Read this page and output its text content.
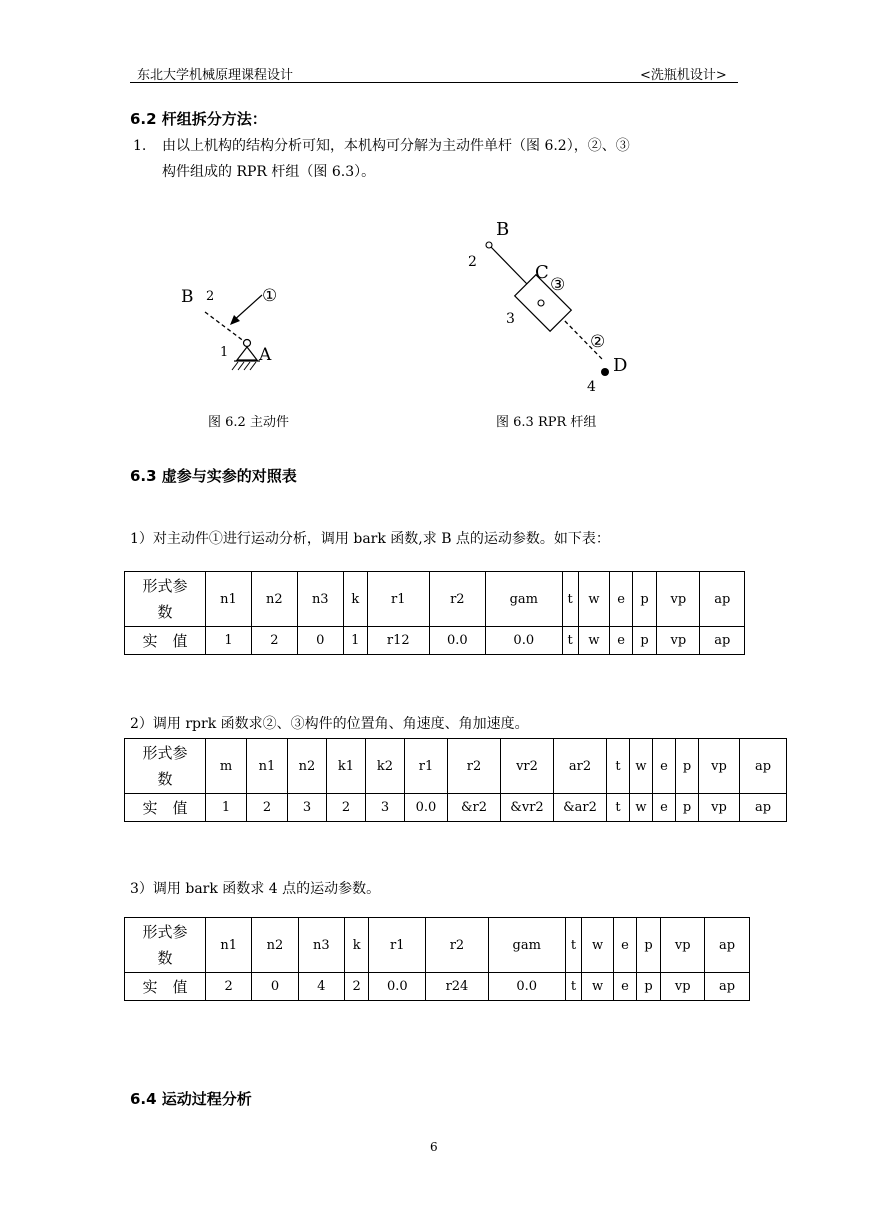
东北大学机械原理课程设计	<洗瓶机设计>
6.2 杆组拆分方法：
1. 由以上机构的结构分析可知，本机构可分解为主动件单杆（图 6.2），②、③
构件组成的 RPR 杆组（图 6.3）。
B 2	①
1 A
图 6.2 主动件
B
2	C
③
3
②
D
4
图 6.3 RPR 杆组
6.3 虚参与实参的对照表
1）对主动件①进行运动分析，调用 bark 函数,求 B 点的运动参数。如下表：
形式参
数	n1	n2	n3	k	r1	r2	gam	t	w	e	p	vp	ap
实　值	1	2	0	1	r12	0.0	0.0	t	w	e	p	vp	ap
2）调用 rprk 函数求②、③构件的位置角、角速度、角加速度。
形式参
数	m	n1	n2	k1	k2	r1	r2	vr2	ar2	t	w	e	p	vp	ap
实　值	1	2	3	2	3	0.0	&r2	&vr2	&ar2	t	w	e	p	vp	ap
3）调用 bark 函数求 4 点的运动参数。
形式参
数	n1	n2	n3	k	r1	r2	gam	t	w	e	p	vp	ap
实　值	2	0	4	2	0.0	r24	0.0	t	w	e	p	vp	ap
6.4 运动过程分析
6
